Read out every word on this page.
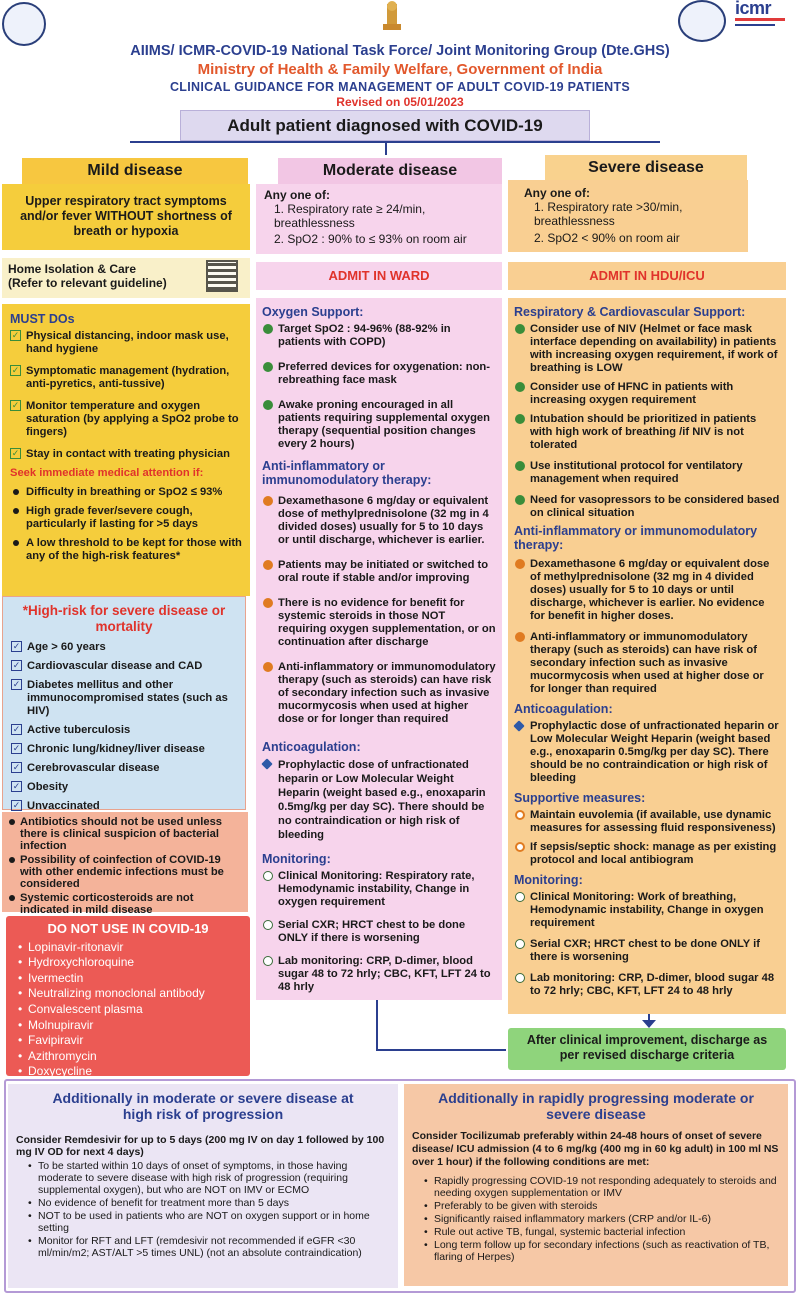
icmr
AIIMS/ ICMR-COVID-19 National Task Force/ Joint Monitoring Group (Dte.GHS)
Ministry of Health & Family Welfare, Government of India
CLINICAL GUIDANCE FOR MANAGEMENT OF ADULT COVID-19 PATIENTS
Revised on 05/01/2023
Adult patient diagnosed with COVID-19
Mild disease	Moderate disease	Severe disease
Upper respiratory tract symptoms and/or fever WITHOUT shortness of breath or hypoxia
Home Isolation & Care
(Refer to relevant guideline)
MUST DOs
✓ Physical distancing, indoor mask use, hand hygiene
✓ Symptomatic management (hydration, anti-pyretics, anti-tussive)
✓ Monitor temperature and oxygen saturation (by applying a SpO2 probe to fingers)
✓ Stay in contact with treating physician
Seek immediate medical attention if:
Difficulty in breathing or SpO2 ≤ 93%
High grade fever/severe cough, particularly if lasting for >5 days
A low threshold to be kept for those with any of the high-risk features*
*High-risk for severe disease or mortality
✓ Age > 60 years
✓ Cardiovascular disease and CAD
✓ Diabetes mellitus and other immunocompromised states (such as HIV)
✓ Active tuberculosis
✓ Chronic lung/kidney/liver disease
✓ Cerebrovascular disease
✓ Obesity
✓ Unvaccinated
Antibiotics should not be used unless there is clinical suspicion of bacterial infection
Possibility of coinfection of COVID-19 with other endemic infections must be considered
Systemic corticosteroids are not indicated in mild disease
DO NOT USE IN COVID-19
• Lopinavir-ritonavir
• Hydroxychloroquine
• Ivermectin
• Neutralizing monoclonal antibody
• Convalescent plasma
• Molnupiravir
• Favipiravir
• Azithromycin
• Doxycycline
Any one of:
1. Respiratory rate ≥ 24/min, breathlessness
2. SpO2 : 90% to ≤ 93% on room air
ADMIT IN WARD
Oxygen Support:
Target SpO2 : 94-96% (88-92% in patients with COPD)
Preferred devices for oxygenation: non-rebreathing face mask
Awake proning encouraged in all patients requiring supplemental oxygen therapy (sequential position changes every 2 hours)
Anti-inflammatory or immunomodulatory therapy:
Dexamethasone 6 mg/day or equivalent dose of methylprednisolone (32 mg in 4 divided doses) usually for 5 to 10 days or until discharge, whichever is earlier.
Patients may be initiated or switched to oral route if stable and/or improving
There is no evidence for benefit for systemic steroids in those NOT requiring oxygen supplementation, or on continuation after discharge
Anti-inflammatory or immunomodulatory therapy (such as steroids) can have risk of secondary infection such as invasive mucormycosis when used at higher dose or for longer than required
Anticoagulation:
Prophylactic dose of unfractionated heparin or Low Molecular Weight Heparin (weight based e.g., enoxaparin 0.5mg/kg per day SC). There should be no contraindication or high risk of bleeding
Monitoring:
Clinical Monitoring: Respiratory rate, Hemodynamic instability, Change in oxygen requirement
Serial CXR; HRCT chest to be done ONLY if there is worsening
Lab monitoring: CRP, D-dimer, blood sugar 48 to 72 hrly; CBC, KFT, LFT 24 to 48 hrly
Any one of:
1. Respiratory rate >30/min, breathlessness
2. SpO2 < 90% on room air
ADMIT IN HDU/ICU
Respiratory & Cardiovascular Support:
Consider use of NIV (Helmet or face mask interface depending on availability) in patients with increasing oxygen requirement, if work of breathing is LOW
Consider use of HFNC in patients with increasing oxygen requirement
Intubation should be prioritized in patients with high work of breathing /if NIV is not tolerated
Use institutional protocol for ventilatory management when required
Need for vasopressors to be considered based on clinical situation
Anti-inflammatory or immunomodulatory therapy:
Dexamethasone 6 mg/day or equivalent dose of methylprednisolone (32 mg in 4 divided doses) usually for 5 to 10 days or until discharge, whichever is earlier. No evidence for benefit in higher doses.
Anti-inflammatory or immunomodulatory therapy (such as steroids) can have risk of secondary infection such as invasive mucormycosis when used at higher dose or for longer than required
Anticoagulation:
Prophylactic dose of unfractionated heparin or Low Molecular Weight Heparin (weight based e.g., enoxaparin 0.5mg/kg per day SC). There should be no contraindication or high risk of bleeding
Supportive measures:
Maintain euvolemia (if available, use dynamic measures for assessing fluid responsiveness)
If sepsis/septic shock: manage as per existing protocol and local antibiogram
Monitoring:
Clinical Monitoring: Work of breathing, Hemodynamic instability, Change in oxygen requirement
Serial CXR; HRCT chest to be done ONLY if there is worsening
Lab monitoring: CRP, D-dimer, blood sugar 48 to 72 hrly; CBC, KFT, LFT 24 to 48 hrly
After clinical improvement, discharge as per revised discharge criteria
Additionally in moderate or severe disease at high risk of progression
Consider Remdesivir for up to 5 days (200 mg IV on day 1 followed by 100 mg IV OD for next 4 days)
• To be started within 10 days of onset of symptoms, in those having moderate to severe disease with high risk of progression (requiring supplemental oxygen), but who are NOT on IMV or ECMO
• No evidence of benefit for treatment more than 5 days
• NOT to be used in patients who are NOT on oxygen support or in home setting
• Monitor for RFT and LFT (remdesivir not recommended if eGFR <30 ml/min/m2; AST/ALT >5 times UNL) (not an absolute contraindication)
Additionally in rapidly progressing moderate or severe disease
Consider Tocilizumab preferably within 24-48 hours of onset of severe disease/ ICU admission (4 to 6 mg/kg (400 mg in 60 kg adult) in 100 ml NS over 1 hour) if the following conditions are met:
• Rapidly progressing COVID-19 not responding adequately to steroids and needing oxygen supplementation or IMV
• Preferably to be given with steroids
• Significantly raised inflammatory markers (CRP and/or IL-6)
• Rule out active TB, fungal, systemic bacterial infection
• Long term follow up for secondary infections (such as reactivation of TB, flaring of Herpes)
